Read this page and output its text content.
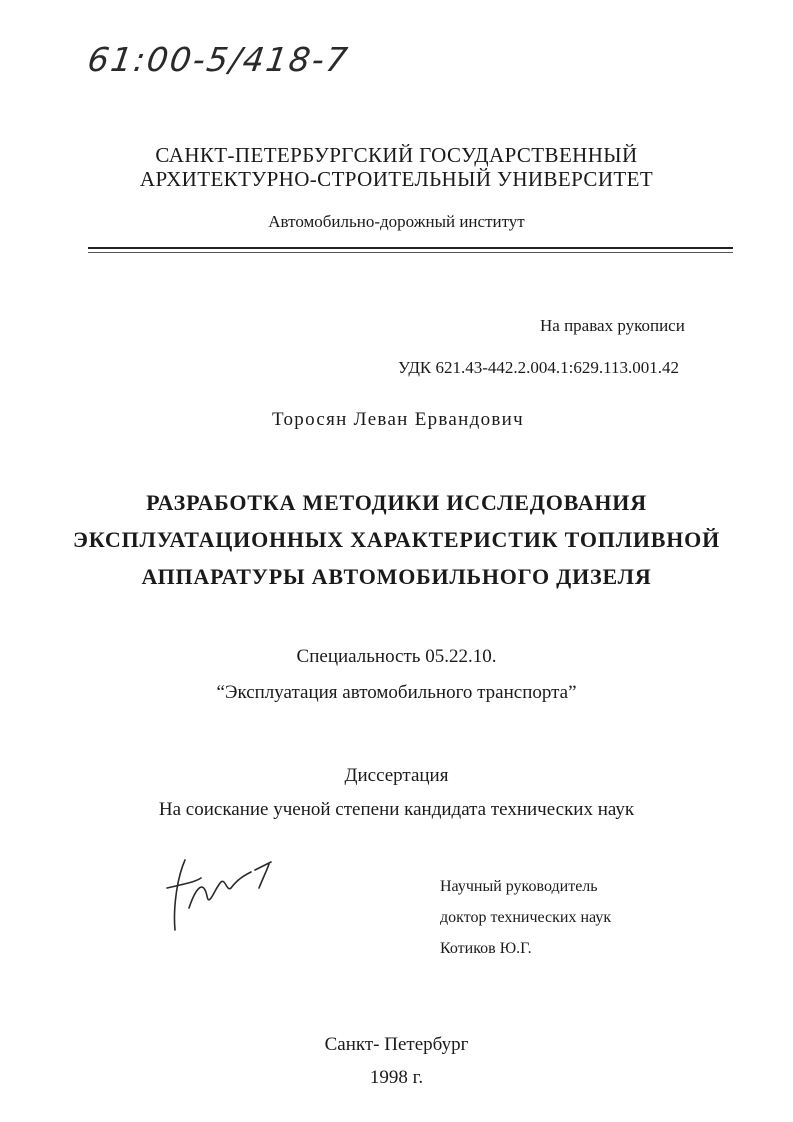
61:00-5/418-7
САНКТ-ПЕТЕРБУРГСКИЙ ГОСУДАРСТВЕННЫЙ
АРХИТЕКТУРНО-СТРОИТЕЛЬНЫЙ УНИВЕРСИТЕТ
Автомобильно-дорожный институт
На правах рукописи
УДК 621.43-442.2.004.1:629.113.001.42
Торосян Леван Ервандович
РАЗРАБОТКА МЕТОДИКИ ИССЛЕДОВАНИЯ
ЭКСПЛУАТАЦИОННЫХ ХАРАКТЕРИСТИК ТОПЛИВНОЙ
АППАРАТУРЫ АВТОМОБИЛЬНОГО ДИЗЕЛЯ
Специальность 05.22.10.
“Эксплуатация автомобильного транспорта”
Диссертация
На соискание ученой степени кандидата технических наук
Научный руководитель
доктор технических наук
Котиков Ю.Г.
Санкт- Петербург
1998 г.
